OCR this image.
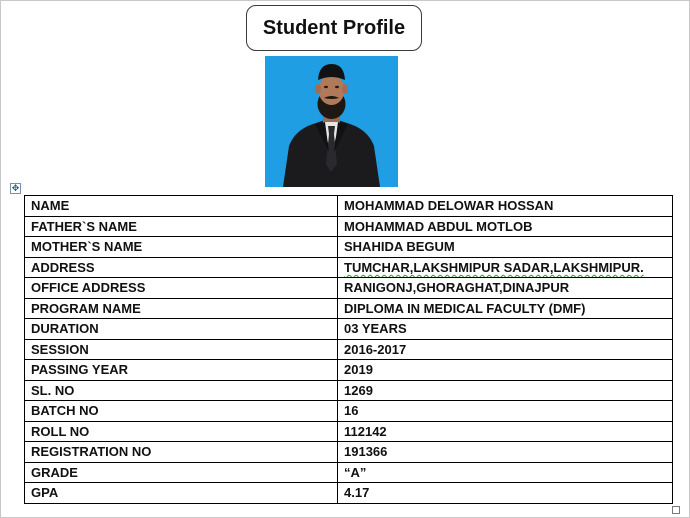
Student Profile
✥
NAME	MOHAMMAD DELOWAR HOSSAN
FATHER`S NAME	MOHAMMAD ABDUL MOTLOB
MOTHER`S NAME	SHAHIDA BEGUM
ADDRESS	TUMCHAR,LAKSHMIPUR SADAR,LAKSHMIPUR.
OFFICE ADDRESS	RANIGONJ,GHORAGHAT,DINAJPUR
PROGRAM NAME	DIPLOMA IN MEDICAL FACULTY (DMF)
DURATION	03 YEARS
SESSION	2016-2017
PASSING YEAR	2019
SL. NO	1269
BATCH NO	16
ROLL NO	112142
REGISTRATION NO	191366
GRADE	“A”
GPA	4.17
